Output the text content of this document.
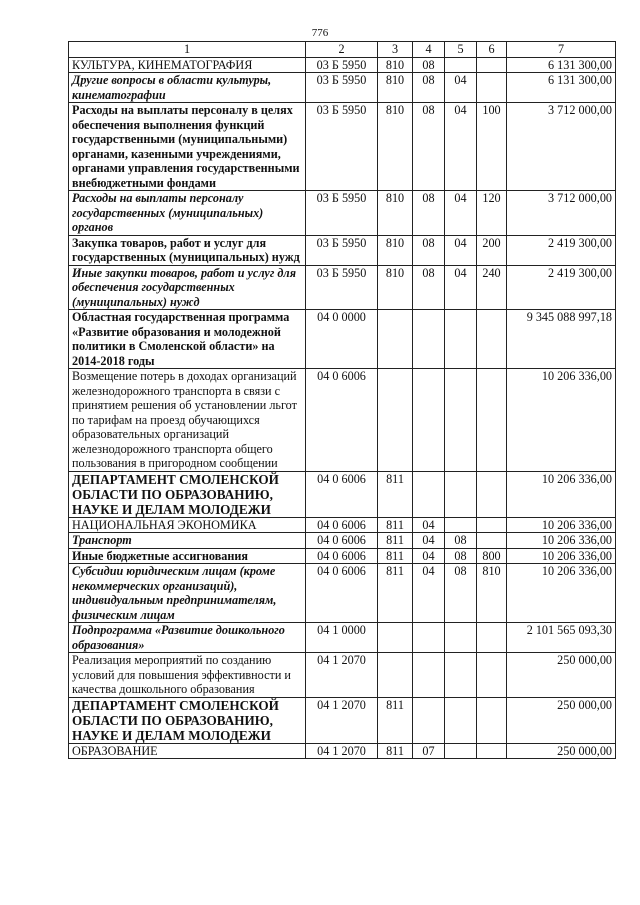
776
1	2	3	4	5	6	7
КУЛЬТУРА, КИНЕМАТОГРАФИЯ	03 Б 5950	810	08			6 131 300,00
Другие вопросы в области культуры, кинематографии	03 Б 5950	810	08	04		6 131 300,00
Расходы на выплаты персоналу в целях обеспечения выполнения функций государственными (муниципальными) органами, казенными учреждениями, органами управления государственными внебюджетными фондами	03 Б 5950	810	08	04	100	3 712 000,00
Расходы на выплаты персоналу государственных (муниципальных) органов	03 Б 5950	810	08	04	120	3 712 000,00
Закупка товаров, работ и услуг для государственных (муниципальных) нужд	03 Б 5950	810	08	04	200	2 419 300,00
Иные закупки товаров, работ и услуг для обеспечения государственных (муниципальных) нужд	03 Б 5950	810	08	04	240	2 419 300,00
Областная государственная программа «Развитие образования и молодежной политики в Смоленской области» на 2014-2018 годы	04 0 0000					9 345 088 997,18
Возмещение потерь в доходах организаций железнодорожного транспорта в связи с принятием решения об установлении льгот по тарифам на проезд обучающихся образовательных организаций железнодорожного транспорта общего пользования в пригородном сообщении	04 0 6006					10 206 336,00
ДЕПАРТАМЕНТ СМОЛЕНСКОЙ ОБЛАСТИ ПО ОБРАЗОВАНИЮ, НАУКЕ И ДЕЛАМ МОЛОДЕЖИ	04 0 6006	811				10 206 336,00
НАЦИОНАЛЬНАЯ ЭКОНОМИКА	04 0 6006	811	04			10 206 336,00
Транспорт	04 0 6006	811	04	08		10 206 336,00
Иные бюджетные ассигнования	04 0 6006	811	04	08	800	10 206 336,00
Субсидии юридическим лицам (кроме некоммерческих организаций), индивидуальным предпринимателям, физическим лицам	04 0 6006	811	04	08	810	10 206 336,00
Подпрограмма «Развитие дошкольного образования»	04 1 0000					2 101 565 093,30
Реализация мероприятий по созданию условий для повышения эффективности и качества дошкольного образования	04 1 2070					250 000,00
ДЕПАРТАМЕНТ СМОЛЕНСКОЙ ОБЛАСТИ ПО ОБРАЗОВАНИЮ, НАУКЕ И ДЕЛАМ МОЛОДЕЖИ	04 1 2070	811				250 000,00
ОБРАЗОВАНИЕ	04 1 2070	811	07			250 000,00
